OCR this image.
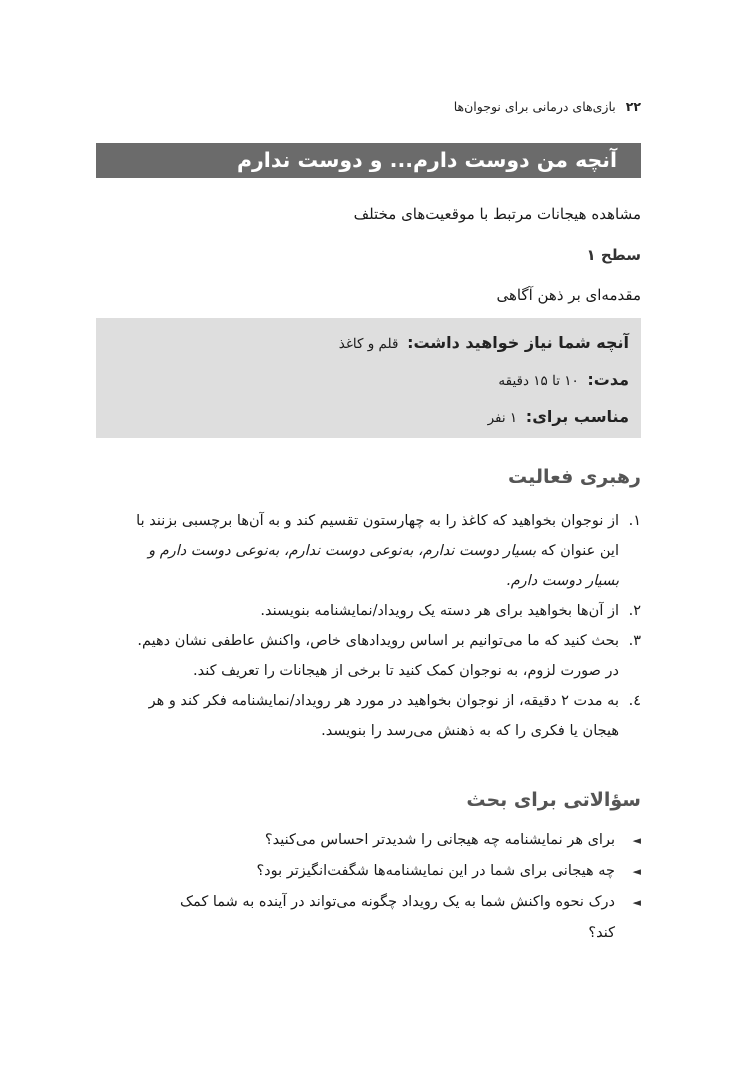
۲۲
بازی‌های درمانی برای نوجوان‌ها
آنچه من دوست دارم... و دوست ندارم
مشاهده هیجانات مرتبط با موقعیت‌های مختلف
سطح ۱
مقدمه‌ای بر ذهن آگاهی
آنچه شما نیاز خواهید داشت: قلم و کاغذ
مدت: ۱۰ تا ۱۵ دقیقه
مناسب برای: ۱ نفر
رهبری فعالیت
۱.
از نوجوان بخواهید که کاغذ را به چهارستون تقسیم کند و به آن‌ها برچسبی بزنند با
این عنوان که بسیار دوست ندارم، به‌نوعی دوست ندارم، به‌نوعی دوست دارم و
بسیار دوست دارم.
۲.
از آن‌ها بخواهید برای هر دسته یک رویداد/نمایشنامه بنویسند.
۳.
بحث کنید که ما می‌توانیم بر اساس رویدادهای خاص، واکنش عاطفی نشان دهیم.
در صورت لزوم، به نوجوان کمک کنید تا برخی از هیجانات را تعریف کند.
٤.
به مدت ۲ دقیقه، از نوجوان بخواهید در مورد هر رویداد/نمایشنامه فکر کند و هر
هیجان یا فکری را که به ذهنش می‌رسد را بنویسد.
سؤالاتی برای بحث
◄
برای هر نمایشنامه چه هیجانی را شدیدتر احساس می‌کنید؟
◄
چه هیجانی برای شما در این نمایشنامه‌ها شگفت‌انگیزتر بود؟
◄
درک نحوه واکنش شما به یک رویداد چگونه می‌تواند در آینده به شما کمک
کند؟
